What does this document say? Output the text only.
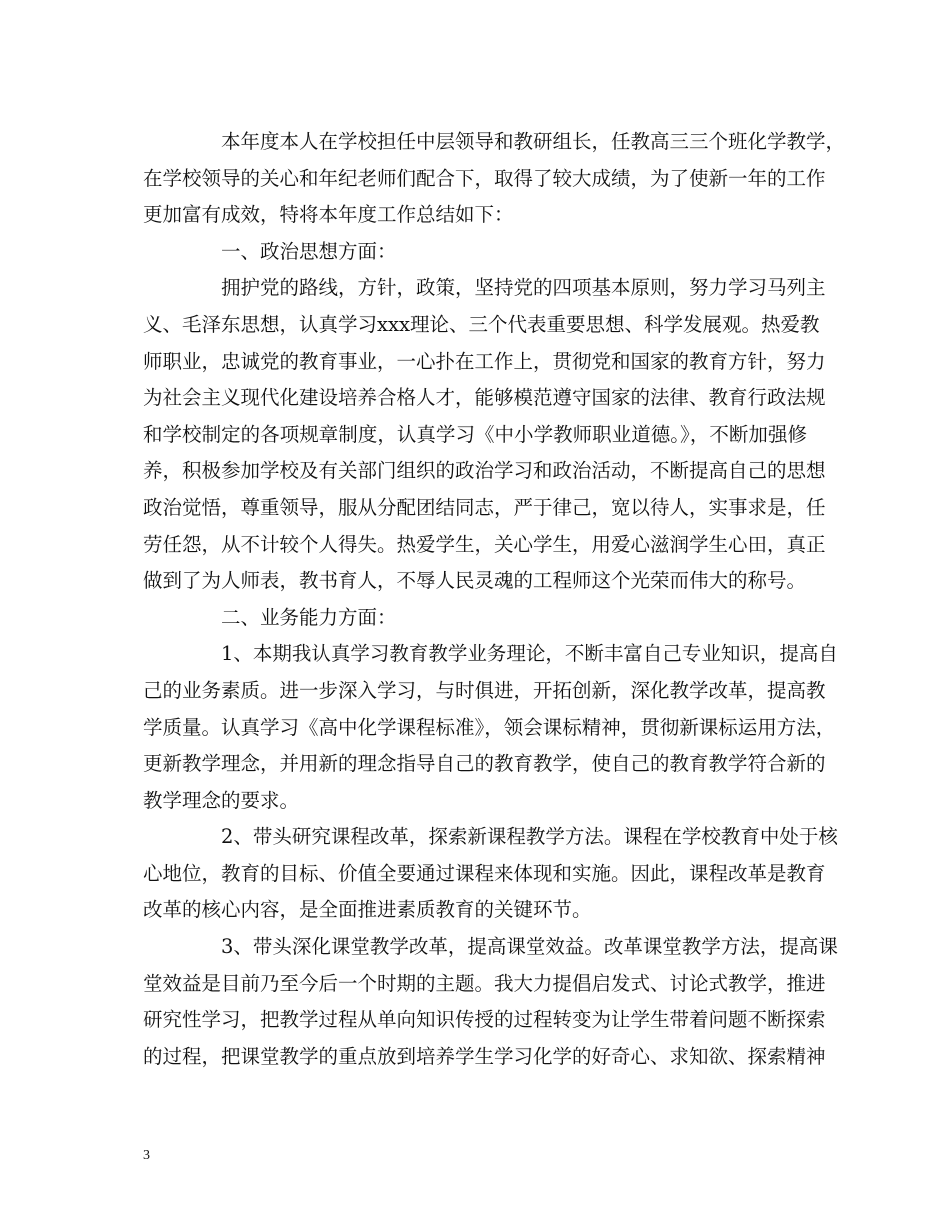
本年度本人在学校担任中层领导和教研组长，任教高三三个班化学教学，
在学校领导的关心和年纪老师们配合下，取得了较大成绩，为了使新一年的工作
更加富有成效，特将本年度工作总结如下：
一、政治思想方面：
拥护党的路线，方针，政策，坚持党的四项基本原则，努力学习马列主
义、毛泽东思想，认真学习xxx理论、三个代表重要思想、科学发展观。热爱教
师职业，忠诚党的教育事业，一心扑在工作上，贯彻党和国家的教育方针，努力
为社会主义现代化建设培养合格人才，能够模范遵守国家的法律、教育行政法规
和学校制定的各项规章制度，认真学习《中小学教师职业道德。》，不断加强修
养，积极参加学校及有关部门组织的政治学习和政治活动，不断提高自己的思想
政治觉悟，尊重领导，服从分配团结同志，严于律己，宽以待人，实事求是，任
劳任怨，从不计较个人得失。热爱学生，关心学生，用爱心滋润学生心田，真正
做到了为人师表，教书育人，不辱人民灵魂的工程师这个光荣而伟大的称号。
二、业务能力方面：
1、本期我认真学习教育教学业务理论，不断丰富自己专业知识，提高自
己的业务素质。进一步深入学习，与时俱进，开拓创新，深化教学改革，提高教
学质量。认真学习《高中化学课程标准》，领会课标精神，贯彻新课标运用方法，
更新教学理念，并用新的理念指导自己的教育教学，使自己的教育教学符合新的
教学理念的要求。
2、带头研究课程改革，探索新课程教学方法。课程在学校教育中处于核
心地位，教育的目标、价值全要通过课程来体现和实施。因此，课程改革是教育
改革的核心内容，是全面推进素质教育的关键环节。
3、带头深化课堂教学改革，提高课堂效益。改革课堂教学方法，提高课
堂效益是目前乃至今后一个时期的主题。我大力提倡启发式、讨论式教学，推进
研究性学习，把教学过程从单向知识传授的过程转变为让学生带着问题不断探索
的过程，把课堂教学的重点放到培养学生学习化学的好奇心、求知欲、探索精神
3
